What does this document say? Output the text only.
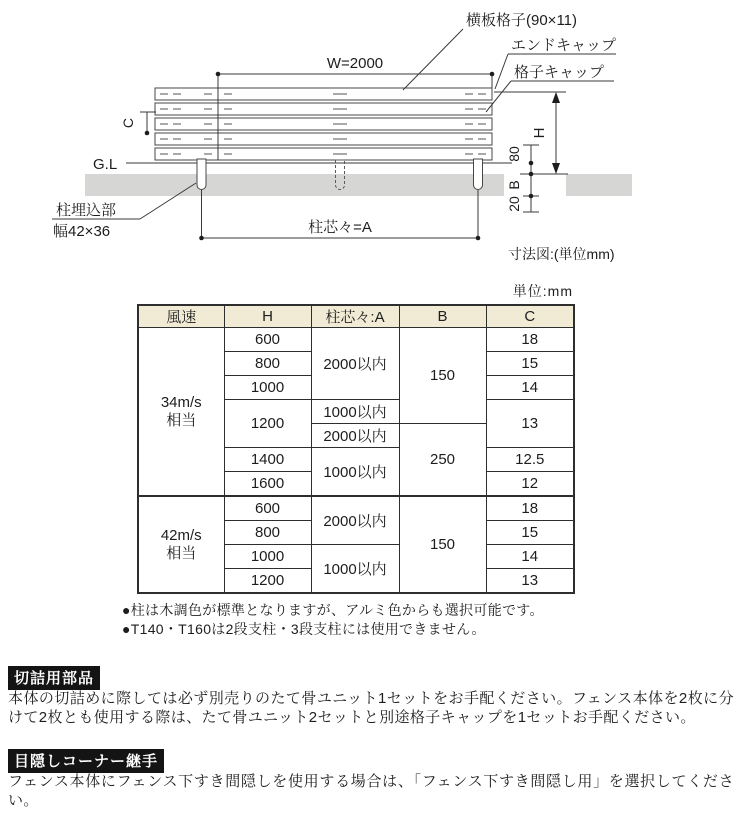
W=2000
横板格子(90×11)
エンドキャップ
格子キャップ
C
H
80
B
20
G.L
柱埋込部
幅42×36	柱芯々=A
寸法図:(単位mm)
単位:mm
風速	H	柱芯々:A	B	C

34m/s
相当	600	2000以内	150	18
	800			15
	1000			14
	1200	1000以内		13
		2000以内	250	
	1400	1000以内		12.5
	1600			12

42m/s
相当	600	2000以内	150	18
	800			15
	1000	1000以内		14
	1200			13
●柱は木調色が標準となりますが、アルミ色からも選択可能です。
●T140・T160は2段支柱・3段支柱には使用できません。
切詰用部品
本体の切詰めに際しては必ず別売りのたて骨ユニット1セットをお手配ください。フェンス本体を2枚に分けて2枚とも使用する際は、たて骨ユニット2セットと別途格子キャップを1セットお手配ください。
目隠しコーナー継手
フェンス本体にフェンス下すき間隠しを使用する場合は、「フェンス下すき間隠し用」を選択してください。
